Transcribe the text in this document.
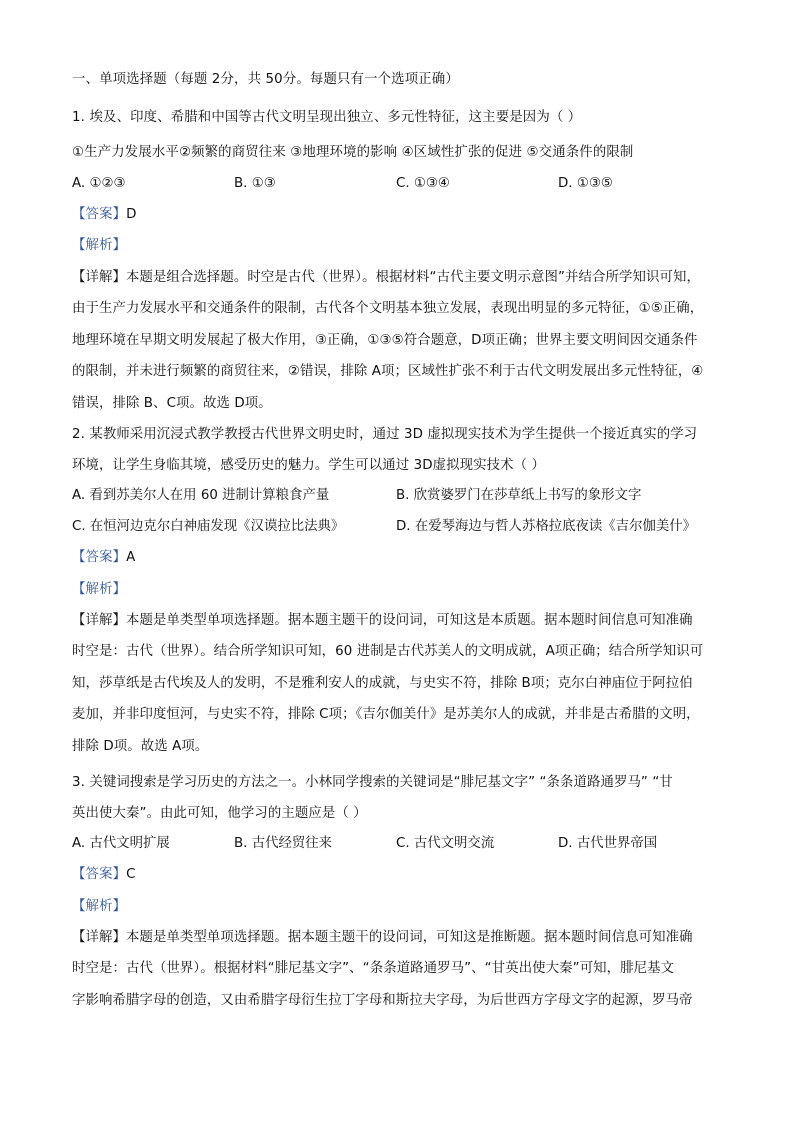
一、单项选择题（每题 2分，共 50分。每题只有一个选项正确）
1. 埃及、印度、希腊和中国等古代文明呈现出独立、多元性特征，这主要是因为（ ）
①生产力发展水平②频繁的商贸往来 ③地理环境的影响 ④区域性扩张的促进 ⑤交通条件的限制
A. ①②③	B. ①③	C. ①③④	D. ①③⑤
【答案】D
【解析】
【详解】本题是组合选择题。时空是古代（世界）。根据材料“古代主要文明示意图”并结合所学知识可知，
由于生产力发展水平和交通条件的限制，古代各个文明基本独立发展，表现出明显的多元特征，①⑤正确，
地理环境在早期文明发展起了极大作用，③正确，①③⑤符合题意，D项正确；世界主要文明间因交通条件
的限制，并未进行频繁的商贸往来，②错误，排除 A项；区域性扩张不利于古代文明发展出多元性特征，④
错误，排除 B、C项。故选 D项。
2. 某教师采用沉浸式教学教授古代世界文明史时，通过 3D 虚拟现实技术为学生提供一个接近真实的学习
环境，让学生身临其境，感受历史的魅力。学生可以通过 3D虚拟现实技术（ ）
A. 看到苏美尔人在用 60 进制计算粮食产量	B. 欣赏婆罗门在莎草纸上书写的象形文字
C. 在恒河边克尔白神庙发现《汉谟拉比法典》	D. 在爱琴海边与哲人苏格拉底夜读《吉尔伽美什》
【答案】A
【解析】
【详解】本题是单类型单项选择题。据本题主题干的设问词，可知这是本质题。据本题时间信息可知准确
时空是：古代（世界）。结合所学知识可知，60 进制是古代苏美人的文明成就，A项正确；结合所学知识可
知，莎草纸是古代埃及人的发明，不是雅利安人的成就，与史实不符，排除 B项；克尔白神庙位于阿拉伯
麦加，并非印度恒河，与史实不符，排除 C项；《吉尔伽美什》是苏美尔人的成就，并非是古希腊的文明，
排除 D项。故选 A项。
3. 关键词搜索是学习历史的方法之一。小林同学搜索的关键词是“腓尼基文字” “条条道路通罗马” “甘
英出使大秦”。由此可知，他学习的主题应是（ ）
A. 古代文明扩展	B. 古代经贸往来	C. 古代文明交流	D. 古代世界帝国
【答案】C
【解析】
【详解】本题是单类型单项选择题。据本题主题干的设问词，可知这是推断题。据本题时间信息可知准确
时空是：古代（世界）。根据材料“腓尼基文字”、“条条道路通罗马”、“甘英出使大秦”可知，腓尼基文
字影响希腊字母的创造，又由希腊字母衍生拉丁字母和斯拉夫字母，为后世西方字母文字的起源，罗马帝
